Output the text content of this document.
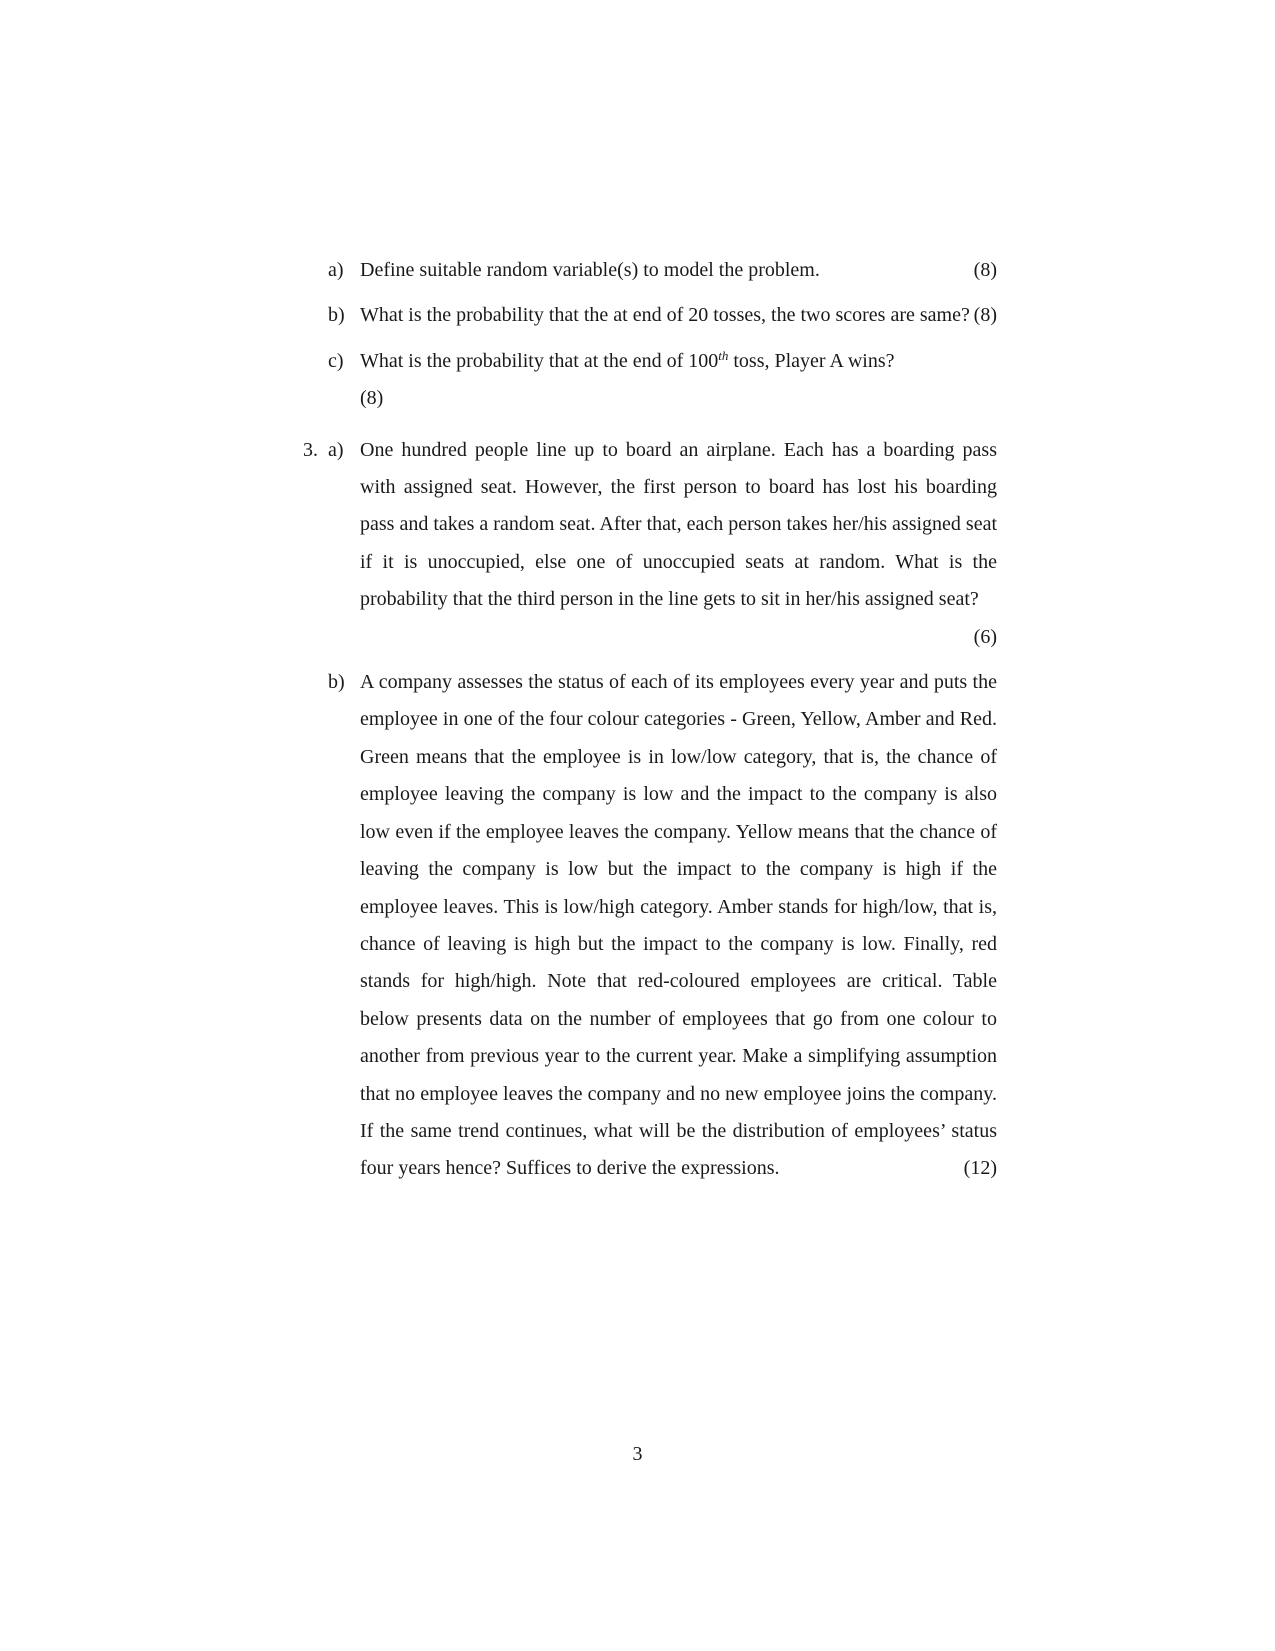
a)	(8)
Define suitable random variable(s) to model the problem.
b) What is the probability that the at end of 20 tosses, the two scores are same? (8)
c) What is the probability that at the end of 100th toss, Player A wins?
(8)
3. a) One hundred people line up to board an airplane. Each has a boarding pass with assigned seat. However, the first person to board has lost his boarding pass and takes a random seat. After that, each person takes her/his assigned seat if it is unoccupied, else one of unoccupied seats at random. What is the probability that the third person in the line gets to sit in her/his assigned seat?
(6)
b) A company assesses the status of each of its employees every year and puts the employee in one of the four colour categories - Green, Yellow, Amber and Red. Green means that the employee is in low/low category, that is, the chance of employee leaving the company is low and the impact to the company is also low even if the employee leaves the company. Yellow means that the chance of leaving the company is low but the impact to the company is high if the employee leaves. This is low/high category. Amber stands for high/low, that is, chance of leaving is high but the impact to the company is low. Finally, red stands for high/high. Note that red-coloured employees are critical. Table below presents data on the number of employees that go from one colour to another from previous year to the current year. Make a simplifying assumption that no employee leaves the company and no new employee joins the company. If the same trend continues, what will be the distribution of employees’ status four years hence? Suffices to derive the expressions.	(12)
3
